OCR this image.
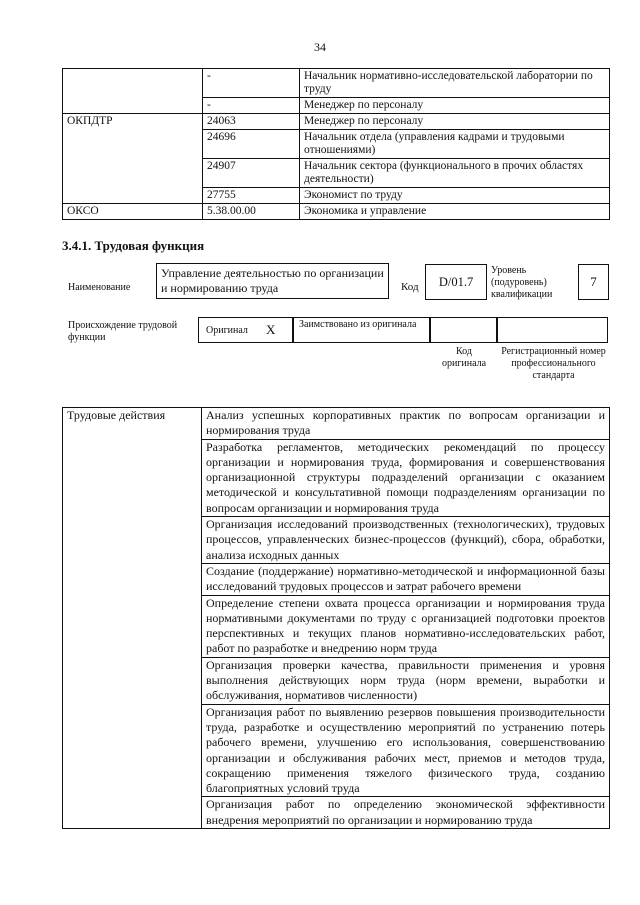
34
	-	Начальник нормативно-исследовательской лаборатории по труду
	-	Менеджер по персоналу
ОКПДТР	24063	Менеджер по персоналу
	24696	Начальник отдела (управления кадрами и трудовыми отношениями)
	24907	Начальник сектора (функционального в прочих областях деятельности)
	27755	Экономист по труду
ОКСО	5.38.00.00	Экономика и управление
3.4.1. Трудовая функция
Наименование
Управление деятельностью по организации и нормированию труда	Код D/01.7
Уровень (подуровень) квалификации
7
Происхождение трудовой функции
Оригинал X Заимствовано из оригинала
Код оригинала
Регистрационный номер профессионального стандарта
Трудовые действия	Анализ успешных корпоративных практик по вопросам организации и нормирования труда
Разработка регламентов, методических рекомендаций по процессу организации и нормирования труда, формирования и совершенствования организационной структуры подразделений организации с оказанием методической и консультативной помощи подразделениям организации по вопросам организации и нормирования труда
Организация исследований производственных (технологических), трудовых процессов, управленческих бизнес-процессов (функций), сбора, обработки, анализа исходных данных
Создание (поддержание) нормативно-методической и информационной базы исследований трудовых процессов и затрат рабочего времени
Определение степени охвата процесса организации и нормирования труда нормативными документами по труду с организацией подготовки проектов перспективных и текущих планов нормативно-исследовательских работ, работ по разработке и внедрению норм труда
Организация проверки качества, правильности применения и уровня выполнения действующих норм труда (норм времени, выработки и обслуживания, нормативов численности)
Организация работ по выявлению резервов повышения производительности труда, разработке и осуществлению мероприятий по устранению потерь рабочего времени, улучшению его использования, совершенствованию организации и обслуживания рабочих мест, приемов и методов труда, сокращению применения тяжелого физического труда, созданию благоприятных условий труда
Организация работ по определению экономической эффективности внедрения мероприятий по организации и нормированию труда
